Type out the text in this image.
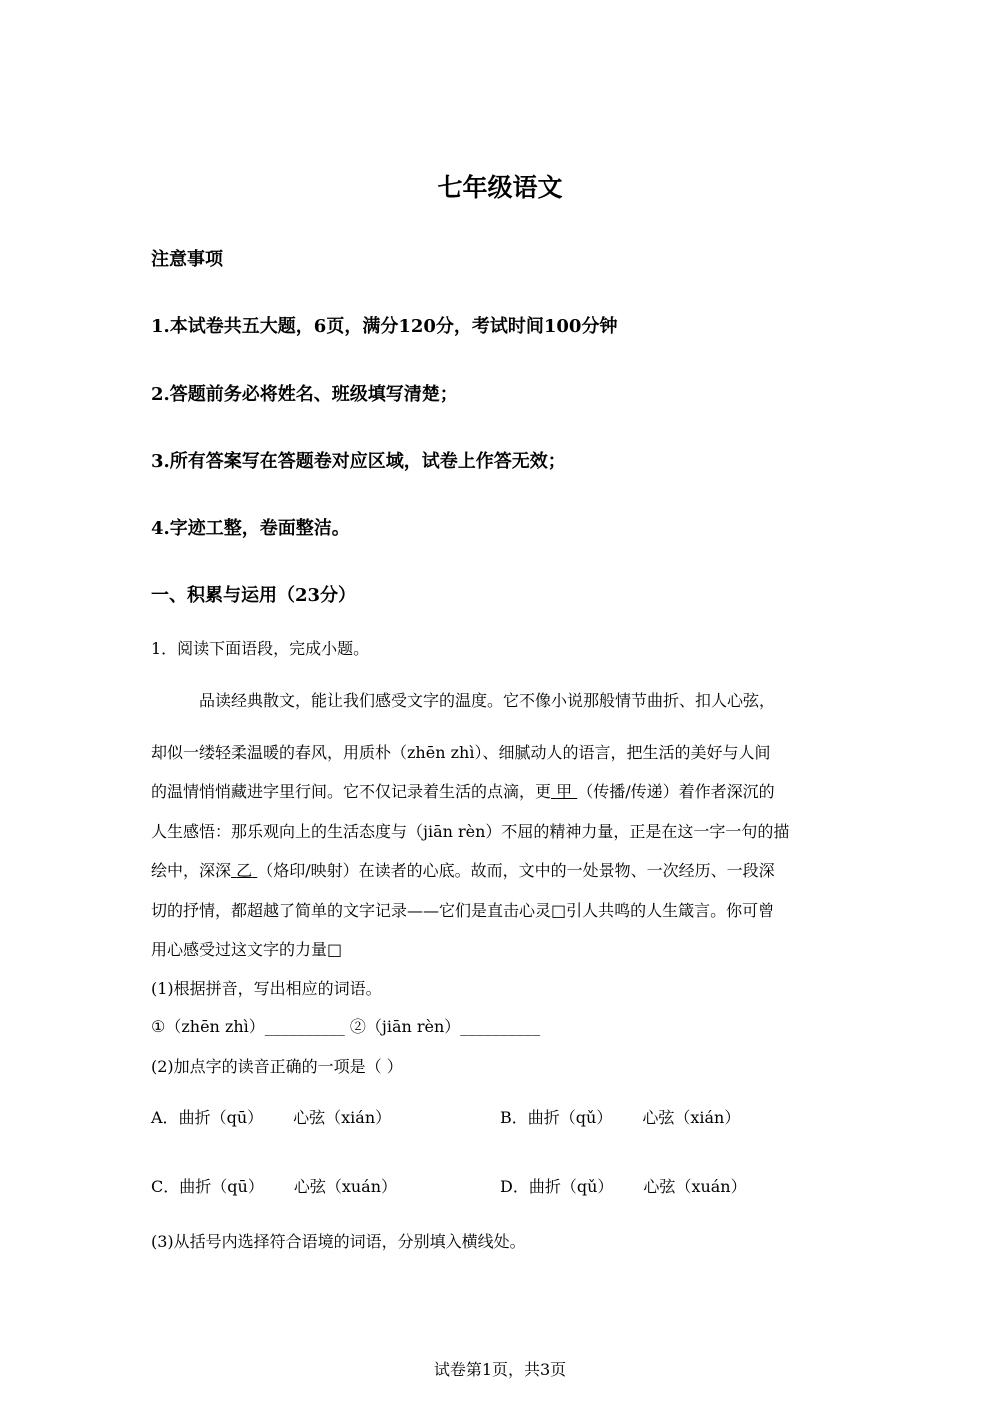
七年级语文
注意事项
1.本试卷共五大题，6页，满分120分，考试时间100分钟
2.答题前务必将姓名、班级填写清楚；
3.所有答案写在答题卷对应区域，试卷上作答无效；
4.字迹工整，卷面整洁。
一、积累与运用（23分）
1．阅读下面语段，完成小题。
品读经典散文，能让我们感受文字的温度。它不像小说那般情节曲折、扣人心弦，
却似一缕轻柔温暖的春风，用质朴（zhēn zhì）、细腻动人的语言，把生活的美好与人间
的温情悄悄藏进字里行间。它不仅记录着生活的点滴，更 甲 （传播/传递）着作者深沉的
人生感悟：那乐观向上的生活态度与（jiān rèn）不屈的精神力量，正是在这一字一句的描
绘中，深深 乙 （烙印/映射）在读者的心底。故而，文中的一处景物、一次经历、一段深
切的抒情，都超越了简单的文字记录——它们是直击心灵□引人共鸣的人生箴言。你可曾
用心感受过这文字的力量□
(1)根据拼音，写出相应的词语。
①（zhēn zhì）__________ ②（jiān rèn）__________
(2)加点字的读音正确的一项是（ ）
A．曲折（qū） 心弦（xián）	B．曲折（qǔ） 心弦（xián）
C．曲折（qū） 心弦（xuán）	D．曲折（qǔ） 心弦（xuán）
(3)从括号内选择符合语境的词语，分别填入横线处。
试卷第1页，共3页
